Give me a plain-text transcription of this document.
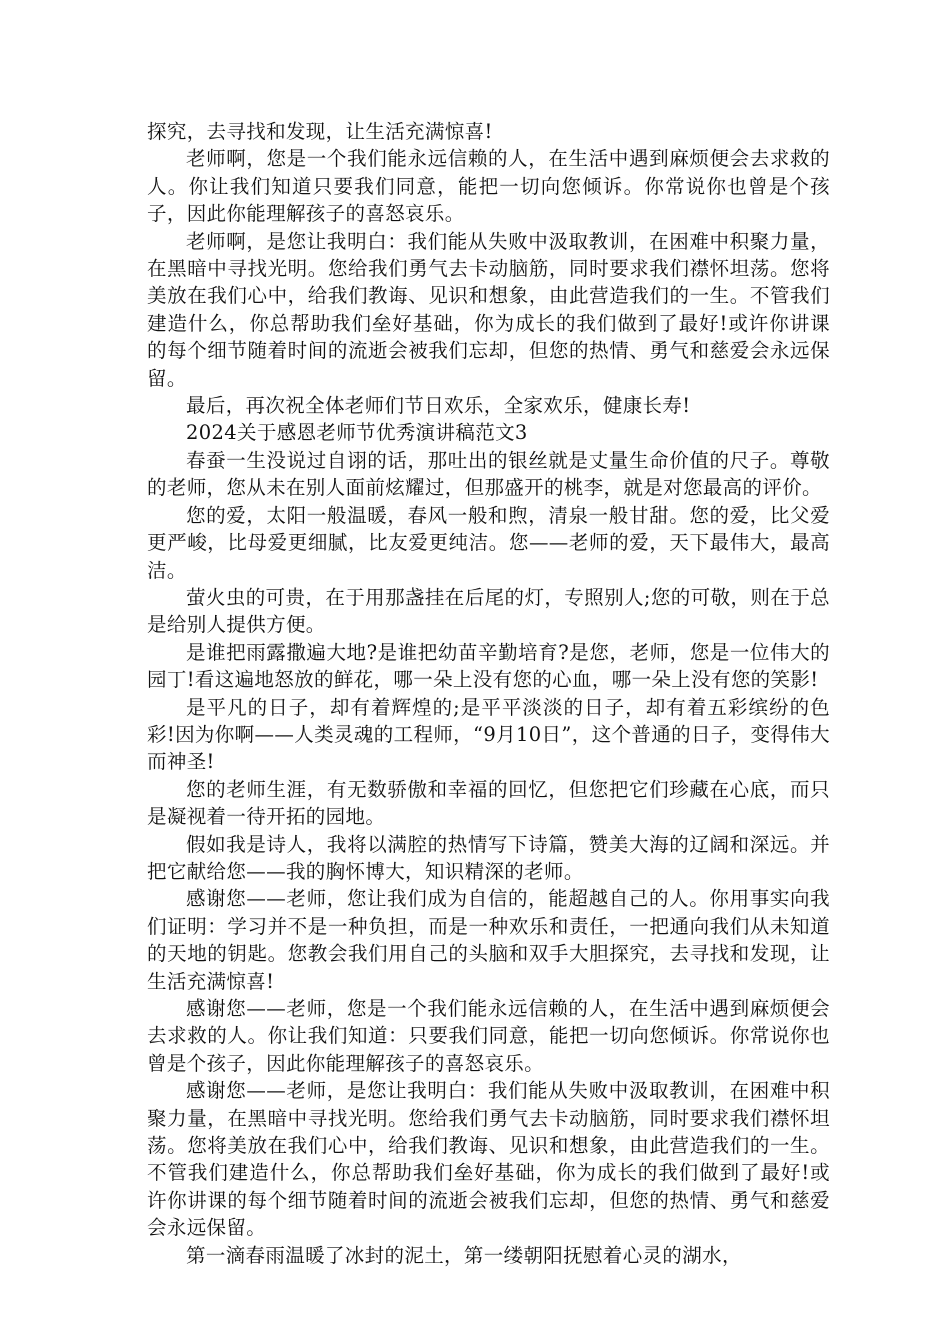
探究，去寻找和发现，让生活充满惊喜!

老师啊，您是一个我们能永远信赖的人，在生活中遇到麻烦便会去求救的人。你让我们知道只要我们同意，能把一切向您倾诉。你常说你也曾是个孩子，因此你能理解孩子的喜怒哀乐。

老师啊，是您让我明白：我们能从失败中汲取教训，在困难中积聚力量，在黑暗中寻找光明。您给我们勇气去卡动脑筋，同时要求我们襟怀坦荡。您将美放在我们心中，给我们教诲、见识和想象，由此营造我们的一生。不管我们建造什么，你总帮助我们垒好基础，你为成长的我们做到了最好!或许你讲课的每个细节随着时间的流逝会被我们忘却，但您的热情、勇气和慈爱会永远保留。

最后，再次祝全体老师们节日欢乐，全家欢乐，健康长寿!

2024关于感恩老师节优秀演讲稿范文3

春蚕一生没说过自诩的话，那吐出的银丝就是丈量生命价值的尺子。尊敬的老师，您从未在别人面前炫耀过，但那盛开的桃李，就是对您最高的评价。

您的爱，太阳一般温暖，春风一般和煦，清泉一般甘甜。您的爱，比父爱更严峻，比母爱更细腻，比友爱更纯洁。您——老师的爱，天下最伟大，最高洁。

萤火虫的可贵，在于用那盏挂在后尾的灯，专照别人;您的可敬，则在于总是给别人提供方便。

是谁把雨露撒遍大地?是谁把幼苗辛勤培育?是您，老师，您是一位伟大的园丁!看这遍地怒放的鲜花，哪一朵上没有您的心血，哪一朵上没有您的笑影!

是平凡的日子，却有着辉煌的;是平平淡淡的日子，却有着五彩缤纷的色彩!因为你啊——人类灵魂的工程师，“9月10日”，这个普通的日子，变得伟大而神圣!

您的老师生涯，有无数骄傲和幸福的回忆，但您把它们珍藏在心底，而只是凝视着一待开拓的园地。

假如我是诗人，我将以满腔的热情写下诗篇，赞美大海的辽阔和深远。并把它献给您——我的胸怀博大，知识精深的老师。

感谢您——老师，您让我们成为自信的，能超越自己的人。你用事实向我们证明：学习并不是一种负担，而是一种欢乐和责任，一把通向我们从未知道的天地的钥匙。您教会我们用自己的头脑和双手大胆探究，去寻找和发现，让生活充满惊喜!

感谢您——老师，您是一个我们能永远信赖的人，在生活中遇到麻烦便会去求救的人。你让我们知道：只要我们同意，能把一切向您倾诉。你常说你也曾是个孩子，因此你能理解孩子的喜怒哀乐。

感谢您——老师，是您让我明白：我们能从失败中汲取教训，在困难中积聚力量，在黑暗中寻找光明。您给我们勇气去卡动脑筋，同时要求我们襟怀坦荡。您将美放在我们心中，给我们教诲、见识和想象，由此营造我们的一生。不管我们建造什么，你总帮助我们垒好基础，你为成长的我们做到了最好!或许你讲课的每个细节随着时间的流逝会被我们忘却，但您的热情、勇气和慈爱会永远保留。

第一滴春雨温暖了冰封的泥土，第一缕朝阳抚慰着心灵的湖水，
